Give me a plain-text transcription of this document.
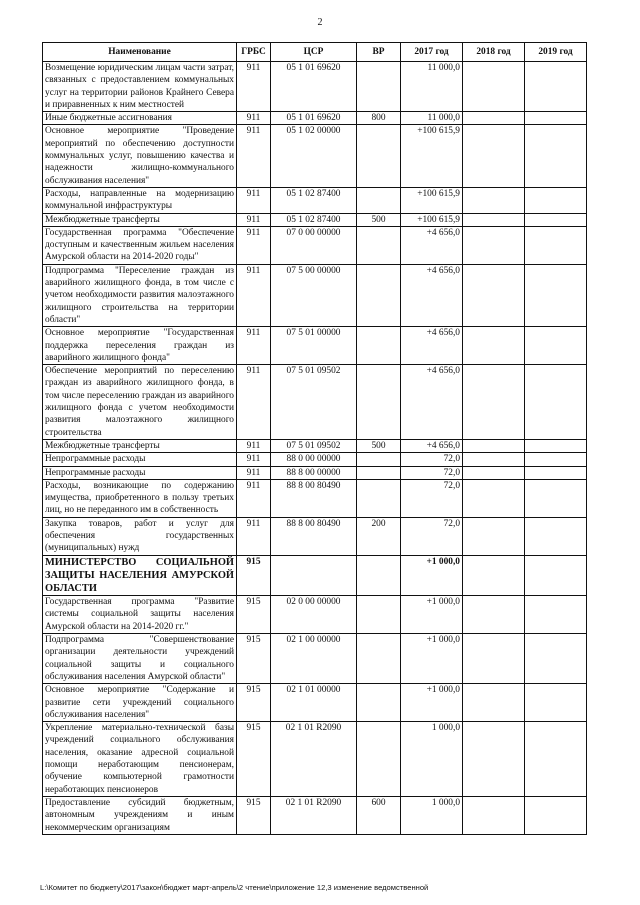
2
Наименование	ГРБС	ЦСР	ВР	2017 год	2018 год	2019 год
Возмещение юридическим лицам части затрат, связанных с предоставлением коммунальных услуг на территории районов Крайнего Севера и приравненных к ним местностей	911	05 1 01 69620		11 000,0		
Иные бюджетные ассигнования	911	05 1 01 69620	800	11 000,0		
Основное мероприятие "Проведение мероприятий по обеспечению доступности коммунальных услуг, повышению качества и надежности жилищно-коммунального обслуживания населения"	911	05 1 02 00000		+100 615,9		
Расходы, направленные на модернизацию коммунальной инфраструктуры	911	05 1 02 87400		+100 615,9		
Межбюджетные трансферты	911	05 1 02 87400	500	+100 615,9		
Государственная программа "Обеспечение доступным и качественным жильем населения Амурской области на 2014-2020 годы"	911	07 0 00 00000		+4 656,0		
Подпрограмма "Переселение граждан из аварийного жилищного фонда, в том числе с учетом необходимости развития малоэтажного жилищного строительства на территории области"	911	07 5 00 00000		+4 656,0		
Основное мероприятие "Государственная поддержка переселения граждан из аварийного жилищного фонда"	911	07 5 01 00000		+4 656,0		
Обеспечение мероприятий по переселению граждан из аварийного жилищного фонда, в том числе переселению граждан из аварийного жилищного фонда с учетом необходимости развития малоэтажного жилищного строительства	911	07 5 01 09502		+4 656,0		
Межбюджетные трансферты	911	07 5 01 09502	500	+4 656,0		
Непрограммные расходы	911	88 0 00 00000		72,0		
Непрограммные расходы	911	88 8 00 00000		72,0		
Расходы, возникающие по содержанию имущества, приобретенного в пользу третьих лиц, но не переданного им в собственность	911	88 8 00 80490		72,0		
Закупка товаров, работ и услуг для обеспечения государственных (муниципальных) нужд	911	88 8 00 80490	200	72,0		
МИНИСТЕРСТВО СОЦИАЛЬНОЙ ЗАЩИТЫ НАСЕЛЕНИЯ АМУРСКОЙ ОБЛАСТИ	915			+1 000,0		
Государственная программа "Развитие системы социальной защиты населения Амурской области на 2014-2020 гг."	915	02 0 00 00000		+1 000,0		
Подпрограмма "Совершенствование организации деятельности учреждений социальной защиты и социального обслуживания населения Амурской области"	915	02 1 00 00000		+1 000,0		
Основное мероприятие "Содержание и развитие сети учреждений социального обслуживания населения"	915	02 1 01 00000		+1 000,0		
Укрепление материально-технической базы учреждений социального обслуживания населения, оказание адресной социальной помощи неработающим пенсионерам, обучение компьютерной грамотности неработающих пенсионеров	915	02 1 01 R2090		1 000,0		
Предоставление субсидий бюджетным, автономным учреждениям и иным некоммерческим организациям	915	02 1 01 R2090	600	1 000,0		
L:\Комитет по бюджету\2017\закон\бюджет март-апрель\2 чтение\приложение 12,3 изменение ведомственной
